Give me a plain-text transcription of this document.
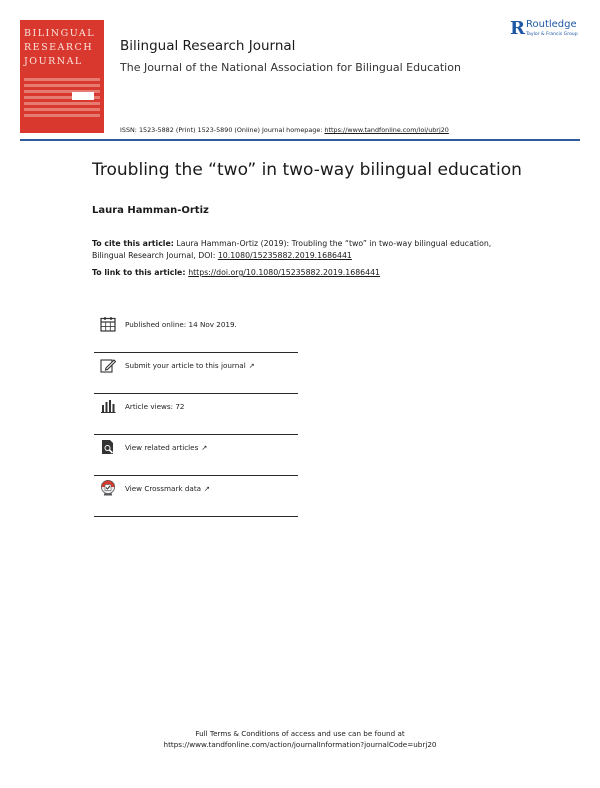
BILINGUAL
RESEARCH
JOURNAL
Bilingual Research Journal
The Journal of the National Association for Bilingual Education
R Routledge
Taylor & Francis Group
ISSN: 1523-5882 (Print) 1523-5890 (Online) Journal homepage: https://www.tandfonline.com/loi/ubrj20
Troubling the “two” in two-way bilingual education
Laura Hamman-Ortiz
To cite this article: Laura Hamman-Ortiz (2019): Troubling the “two” in two-way bilingual education, Bilingual Research Journal, DOI: 10.1080/15235882.2019.1686441
To link to this article: https://doi.org/10.1080/15235882.2019.1686441
Published online: 14 Nov 2019.
Submit your article to this journal ↗
Article views: 72
View related articles ↗
View Crossmark data ↗
Full Terms & Conditions of access and use can be found at
https://www.tandfonline.com/action/journalInformation?journalCode=ubrj20
